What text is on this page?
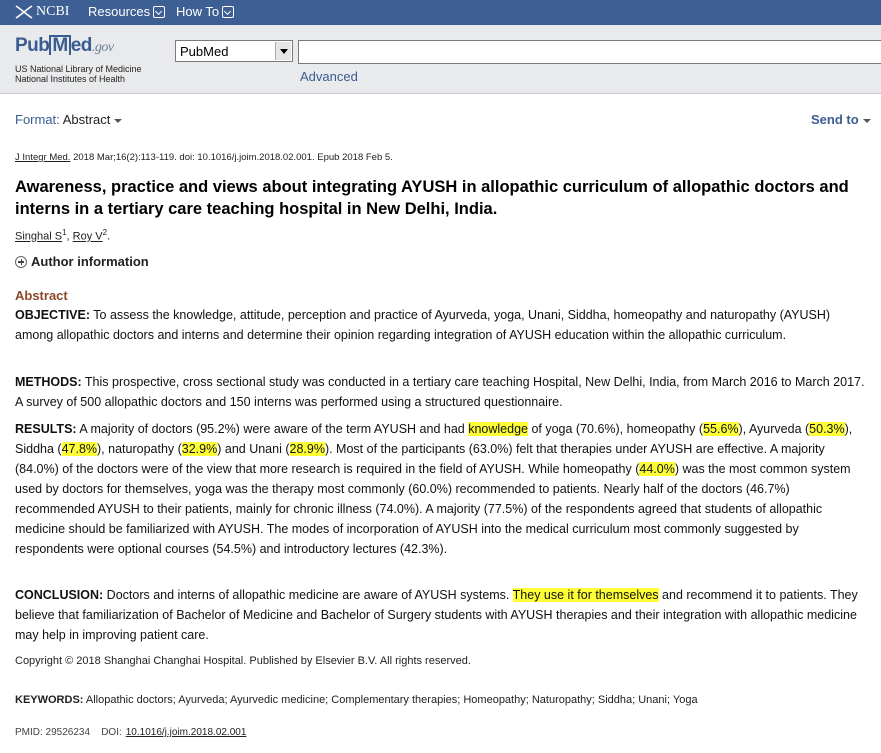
NCBI Resources How To
Pub M ed.gov
US National Library of Medicine
National Institutes of Health
PubMed
Advanced
Format: Abstract	Send to
J Integr Med. 2018 Mar;16(2):113-119. doi: 10.1016/j.joim.2018.02.001. Epub 2018 Feb 5.
Awareness, practice and views about integrating AYUSH in allopathic curriculum of allopathic doctors and interns in a tertiary care teaching hospital in New Delhi, India.
Singhal $S^1$, Roy $V^2$.
Author information
Abstract
OBJECTIVE: To assess the knowledge, attitude, perception and practice of Ayurveda, yoga, Unani, Siddha, homeopathy and naturopathy (AYUSH) among allopathic doctors and interns and determine their opinion regarding integration of AYUSH education within the allopathic curriculum.
METHODS: This prospective, cross sectional study was conducted in a tertiary care teaching Hospital, New Delhi, India, from March 2016 to March 2017. A survey of 500 allopathic doctors and 150 interns was performed using a structured questionnaire.
RESULTS: A majority of doctors (95.2%) were aware of the term AYUSH and had knowledge of yoga (70.6%), homeopathy (55.6%), Ayurveda (50.3%), Siddha (47.8%), naturopathy (32.9%) and Unani (28.9%). Most of the participants (63.0%) felt that therapies under AYUSH are effective. A majority (84.0%) of the doctors were of the view that more research is required in the field of AYUSH. While homeopathy (44.0%) was the most common system used by doctors for themselves, yoga was the therapy most commonly (60.0%) recommended to patients. Nearly half of the doctors (46.7%) recommended AYUSH to their patients, mainly for chronic illness (74.0%). A majority (77.5%) of the respondents agreed that students of allopathic medicine should be familiarized with AYUSH. The modes of incorporation of AYUSH into the medical curriculum most commonly suggested by respondents were optional courses (54.5%) and introductory lectures (42.3%).
CONCLUSION: Doctors and interns of allopathic medicine are aware of AYUSH systems. They use it for themselves and recommend it to patients. They believe that familiarization of Bachelor of Medicine and Bachelor of Surgery students with AYUSH therapies and their integration with allopathic medicine may help in improving patient care.
Copyright © 2018 Shanghai Changhai Hospital. Published by Elsevier B.V. All rights reserved.
KEYWORDS: Allopathic doctors; Ayurveda; Ayurvedic medicine; Complementary therapies; Homeopathy; Naturopathy; Siddha; Unani; Yoga
PMID: 29526234 DOI: 10.1016/j.joim.2018.02.001
